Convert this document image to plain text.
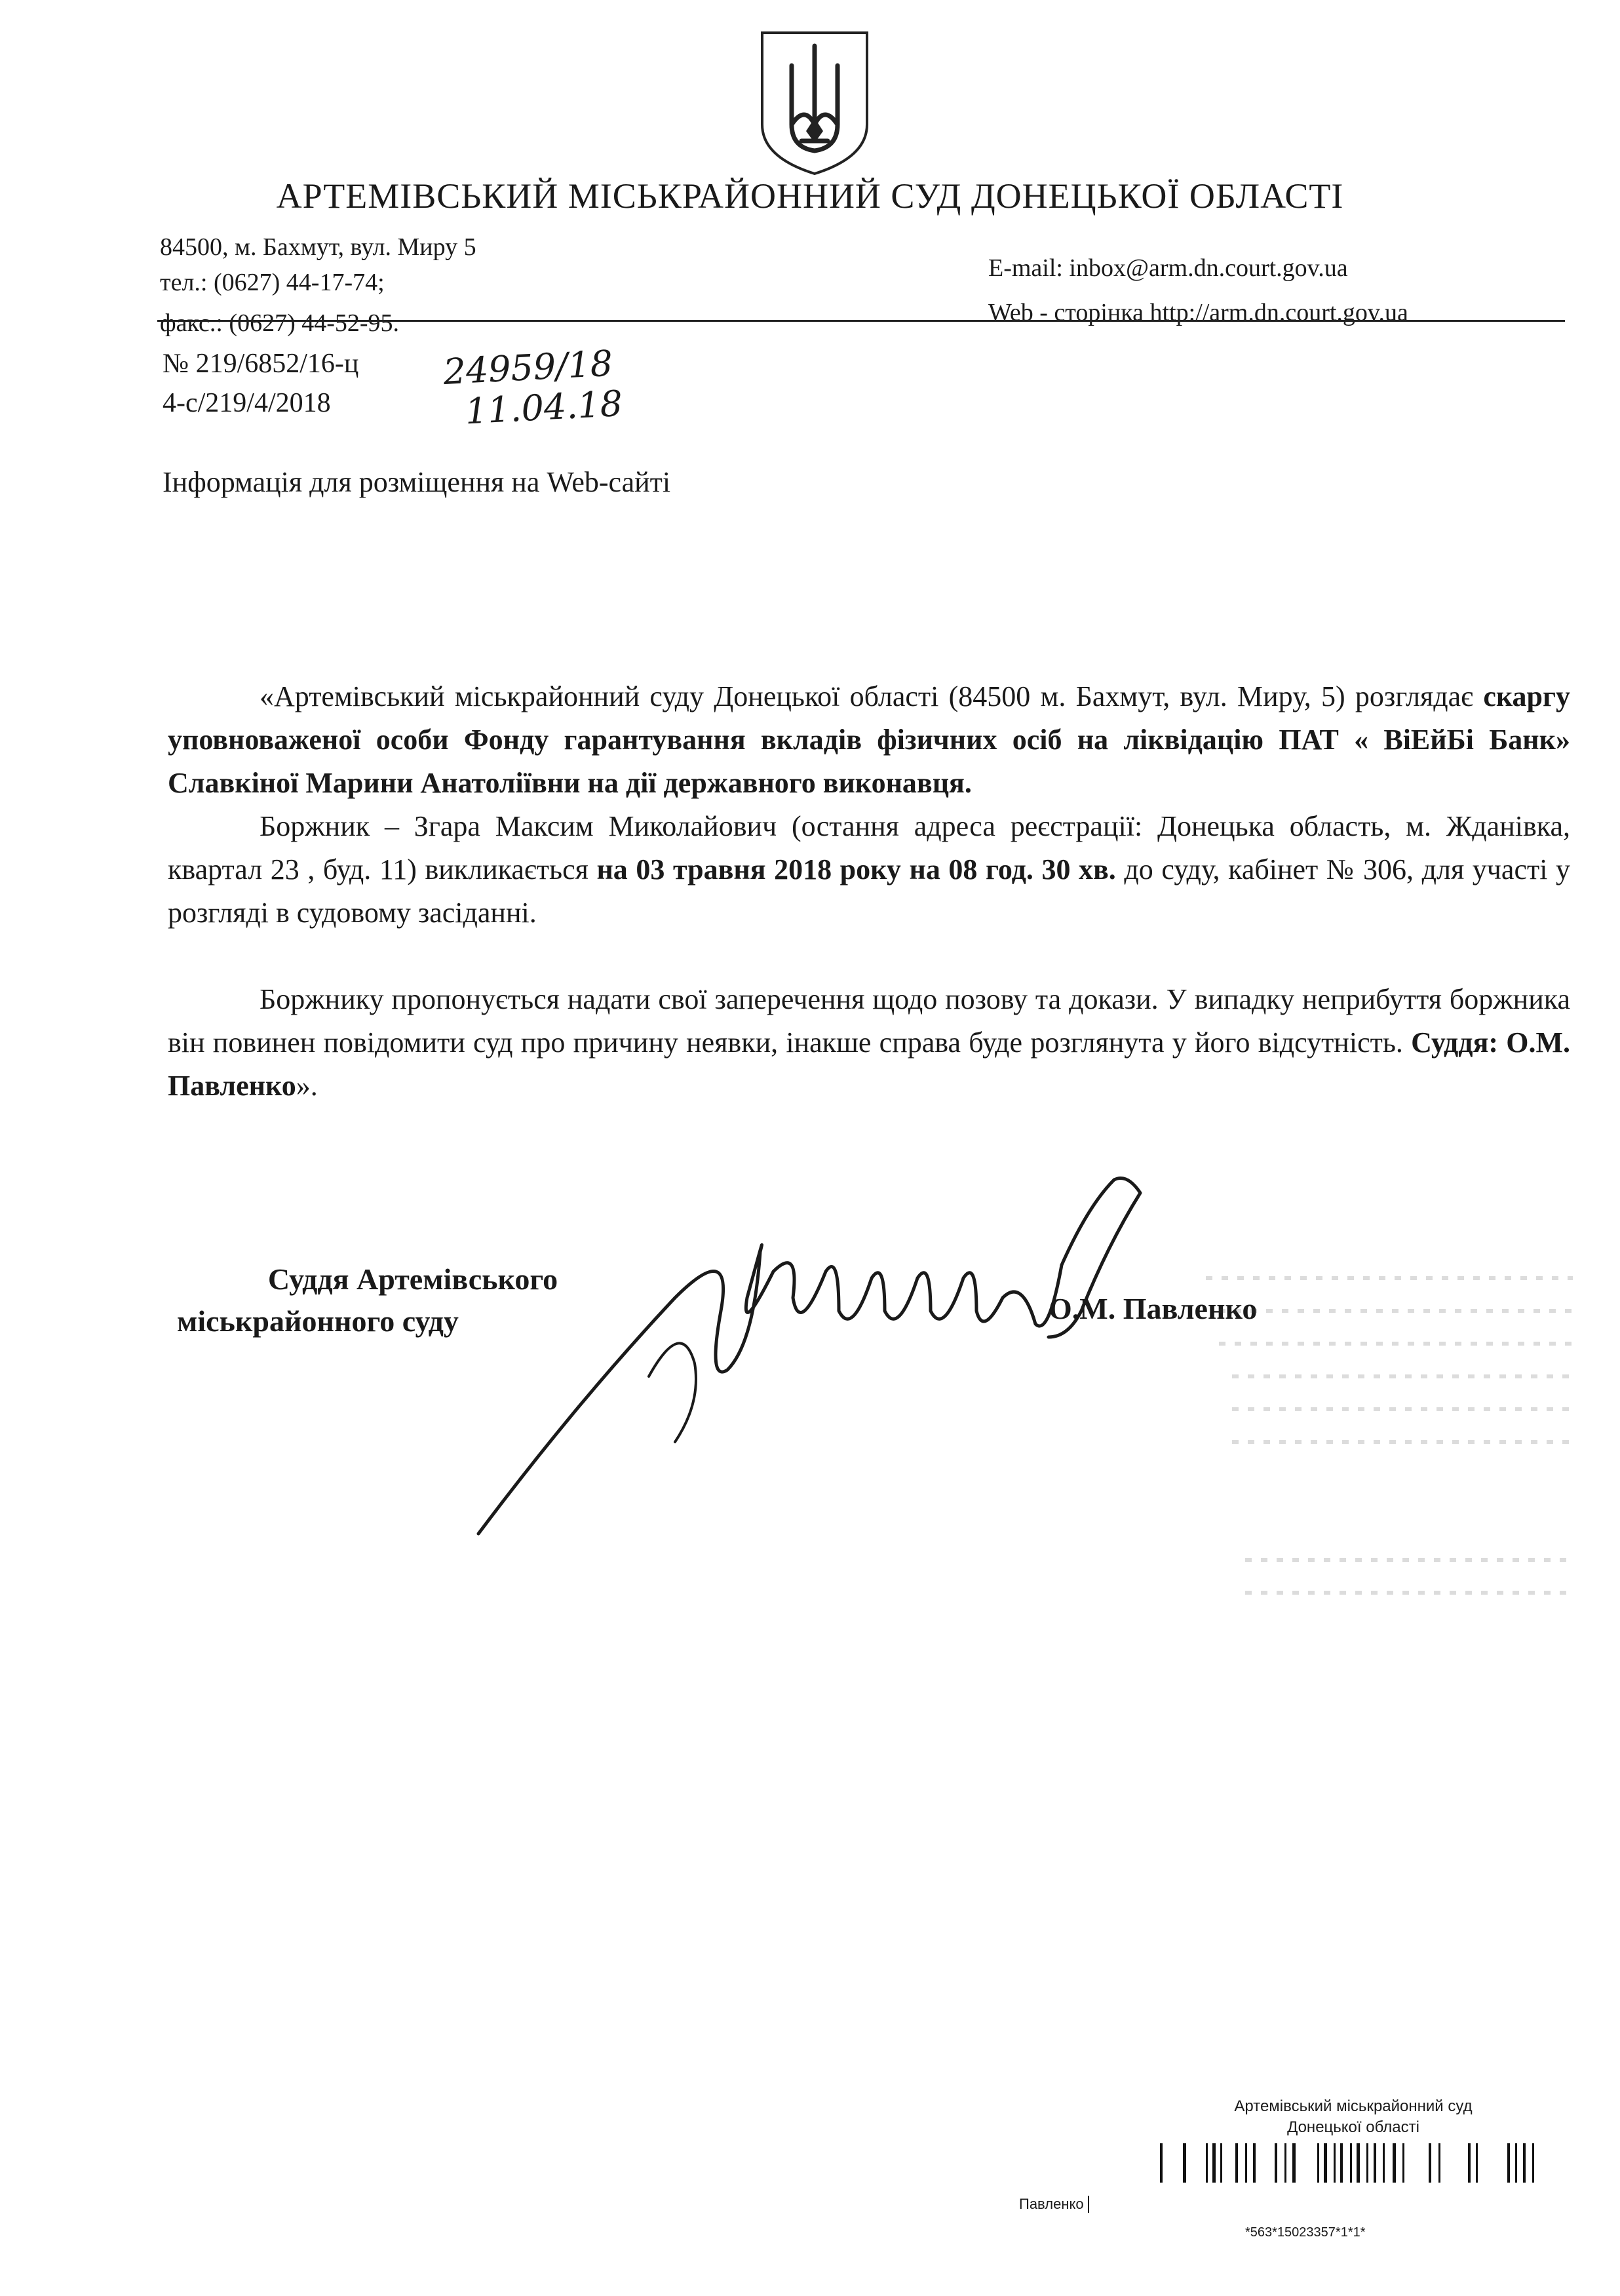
АРТЕМІВСЬКИЙ МІСЬКРАЙОННИЙ СУД ДОНЕЦЬКОЇ ОБЛАСТІ
84500, м. Бахмут, вул. Миру 5
тел.: (0627) 44-17-74;
факс.: (0627) 44-52-95.
E-mail: inbox@arm.dn.court.gov.ua
Web - сторінка http://arm.dn.court.gov.ua
№ 219/6852/16-ц
4-с/219/4/2018
24959/18
11.04.18
Інформація для розміщення на Web-сайті

«Артемівський міськрайонний суду Донецької області (84500 м. Бахмут, вул. Миру, 5) розглядає скаргу уповноваженої особи Фонду гарантування вкладів фізичних осіб на ліквідацію ПАТ « ВіЕйБі Банк» Славкіної Марини Анатоліївни на дії державного виконавця.

Боржник – Згара Максим Миколайович (остання адреса реєстрації: Донецька область, м. Жданівка, квартал 23 , буд. 11) викликається на 03 травня 2018 року на 08 год. 30 хв. до суду, кабінет № 306, для участі у розгляді в судовому засіданні.

Боржнику пропонується надати свої заперечення щодо позову та докази. У випадку неприбуття боржника він повинен повідомити суд про причину неявки, інакше справа буде розглянута у його відсутність. Суддя: О.М. Павленко».

Суддя Артемівського
міськрайонного суду	О.М. Павленко
Артемівський міськрайонний суд
Донецької області
Павленко
*563*15023357*1*1*
